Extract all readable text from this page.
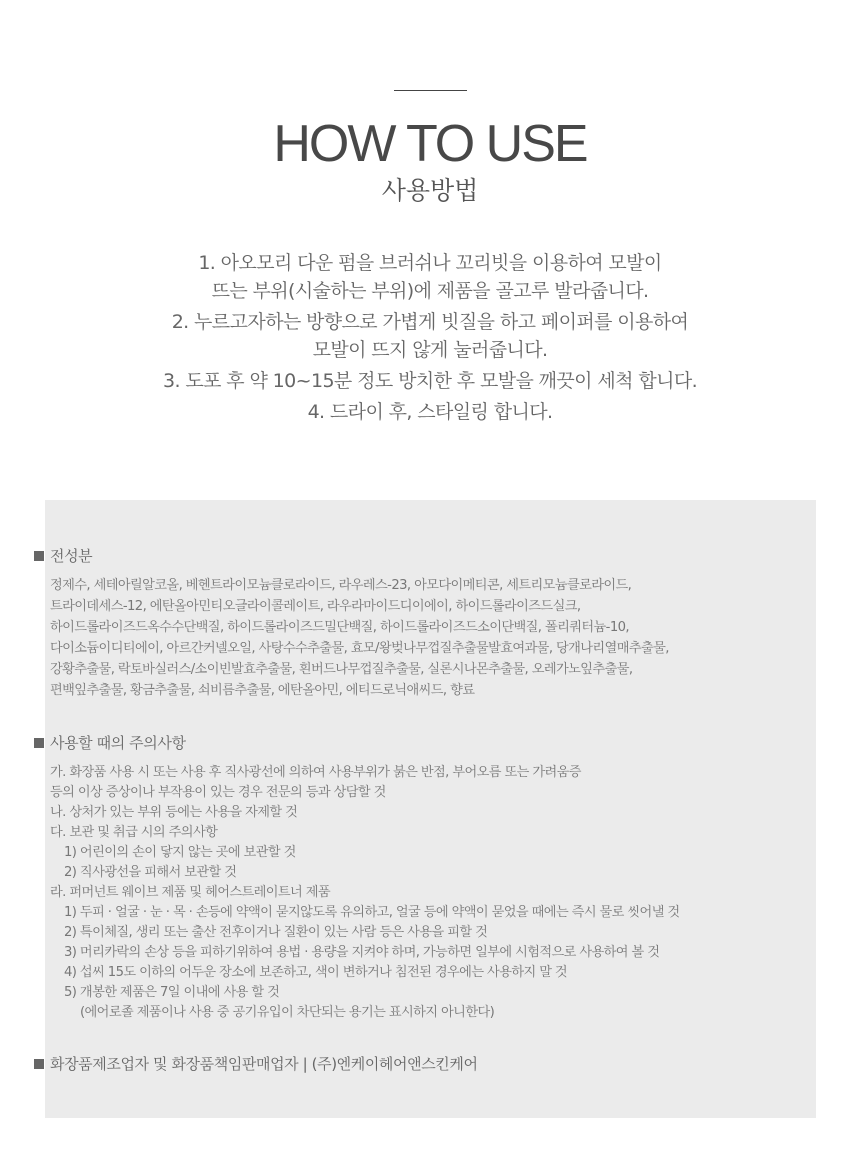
HOW TO USE
사용방법
1. 아오모리 다운 펌을 브러쉬나 꼬리빗을 이용하여 모발이
뜨는 부위(시술하는 부위)에 제품을 골고루 발라줍니다.
2. 누르고자하는 방향으로 가볍게 빗질을 하고 페이퍼를 이용하여
모발이 뜨지 않게 눌러줍니다.
3. 도포 후 약 10~15분 정도 방치한 후 모발을 깨끗이 세척 합니다.
4. 드라이 후, 스타일링 합니다.
전성분
정제수, 세테아릴알코올, 베헨트라이모늄클로라이드, 라우레스-23, 아모다이메티콘, 세트리모늄클로라이드,
트라이데세스-12, 에탄올아민티오글라이콜레이트, 라우라마이드디이에이, 하이드롤라이즈드실크,
하이드롤라이즈드옥수수단백질, 하이드롤라이즈드밀단백질, 하이드롤라이즈드소이단백질, 폴리쿼터늄-10,
다이소듐이디티에이, 아르간커넬오일, 사탕수수추출물, 효모/왕벚나무껍질추출물발효여과물, 당개나리열매추출물,
강황추출물, 락토바실러스/소이빈발효추출물, 흰버드나무껍질추출물, 실론시나몬추출물, 오레가노잎추출물,
편백잎추출물, 황금추출물, 쇠비름추출물, 에탄올아민, 에티드로닉애씨드, 향료
사용할 때의 주의사항
가. 화장품 사용 시 또는 사용 후 직사광선에 의하여 사용부위가 붉은 반점, 부어오름 또는 가려움증
등의 이상 증상이나 부작용이 있는 경우 전문의 등과 상담할 것
나. 상처가 있는 부위 등에는 사용을 자제할 것
다. 보관 및 취급 시의 주의사항
1) 어린이의 손이 닿지 않는 곳에 보관할 것
2) 직사광선을 피해서 보관할 것
라. 퍼머넌트 웨이브 제품 및 헤어스트레이트너 제품
1) 두피 · 얼굴 · 눈 · 목 · 손등에 약액이 묻지않도록 유의하고, 얼굴 등에 약액이 묻었을 때에는 즉시 물로 씻어낼 것
2) 특이체질, 생리 또는 출산 전후이거나 질환이 있는 사람 등은 사용을 피할 것
3) 머리카락의 손상 등을 피하기위하여 용법 · 용량을 지켜야 하며, 가능하면 일부에 시험적으로 사용하여 볼 것
4) 섭씨 15도 이하의 어두운 장소에 보존하고, 색이 변하거나 침전된 경우에는 사용하지 말 것
5) 개봉한 제품은 7일 이내에 사용 할 것
(에어로졸 제품이나 사용 중 공기유입이 차단되는 용기는 표시하지 아니한다)
화장품제조업자 및 화장품책임판매업자 | (주)엔케이헤어앤스킨케어
